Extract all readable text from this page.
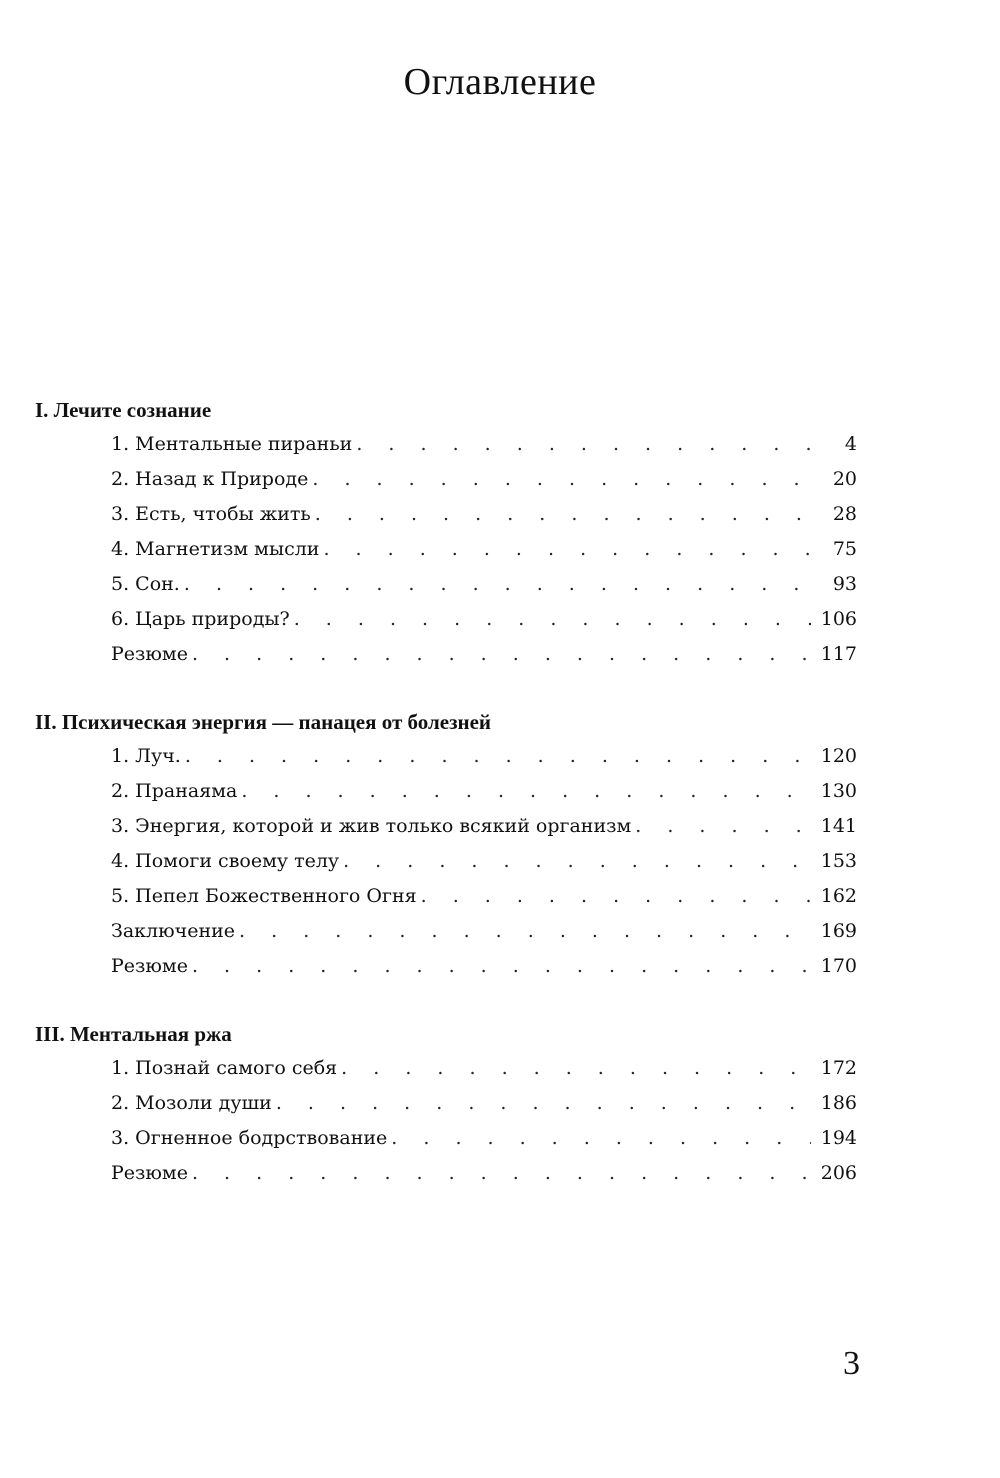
Оглавление
I. Лечите сознание
1. Ментальные пираньи . . .	4
2. Назад к Природе . . .	20
3. Есть, чтобы жить . . .	28
4. Магнетизм мысли . . .	75
5. Сон. . . .	93
6. Царь природы? . . .	106
Резюме . . .	117
II. Психическая энергия — панацея от болезней
1. Луч. . . .	120
2. Пранаяма . . .	130
3. Энергия, которой и жив только всякий организм . . .	141
4. Помоги своему телу . . .	153
5. Пепел Божественного Огня . . .	162
Заключение . . .	169
Резюме . . .	170
III. Ментальная ржа
1. Познай самого себя . . .	172
2. Мозоли души . . .	186
3. Огненное бодрствование . . .	194
Резюме . . .	206

3
